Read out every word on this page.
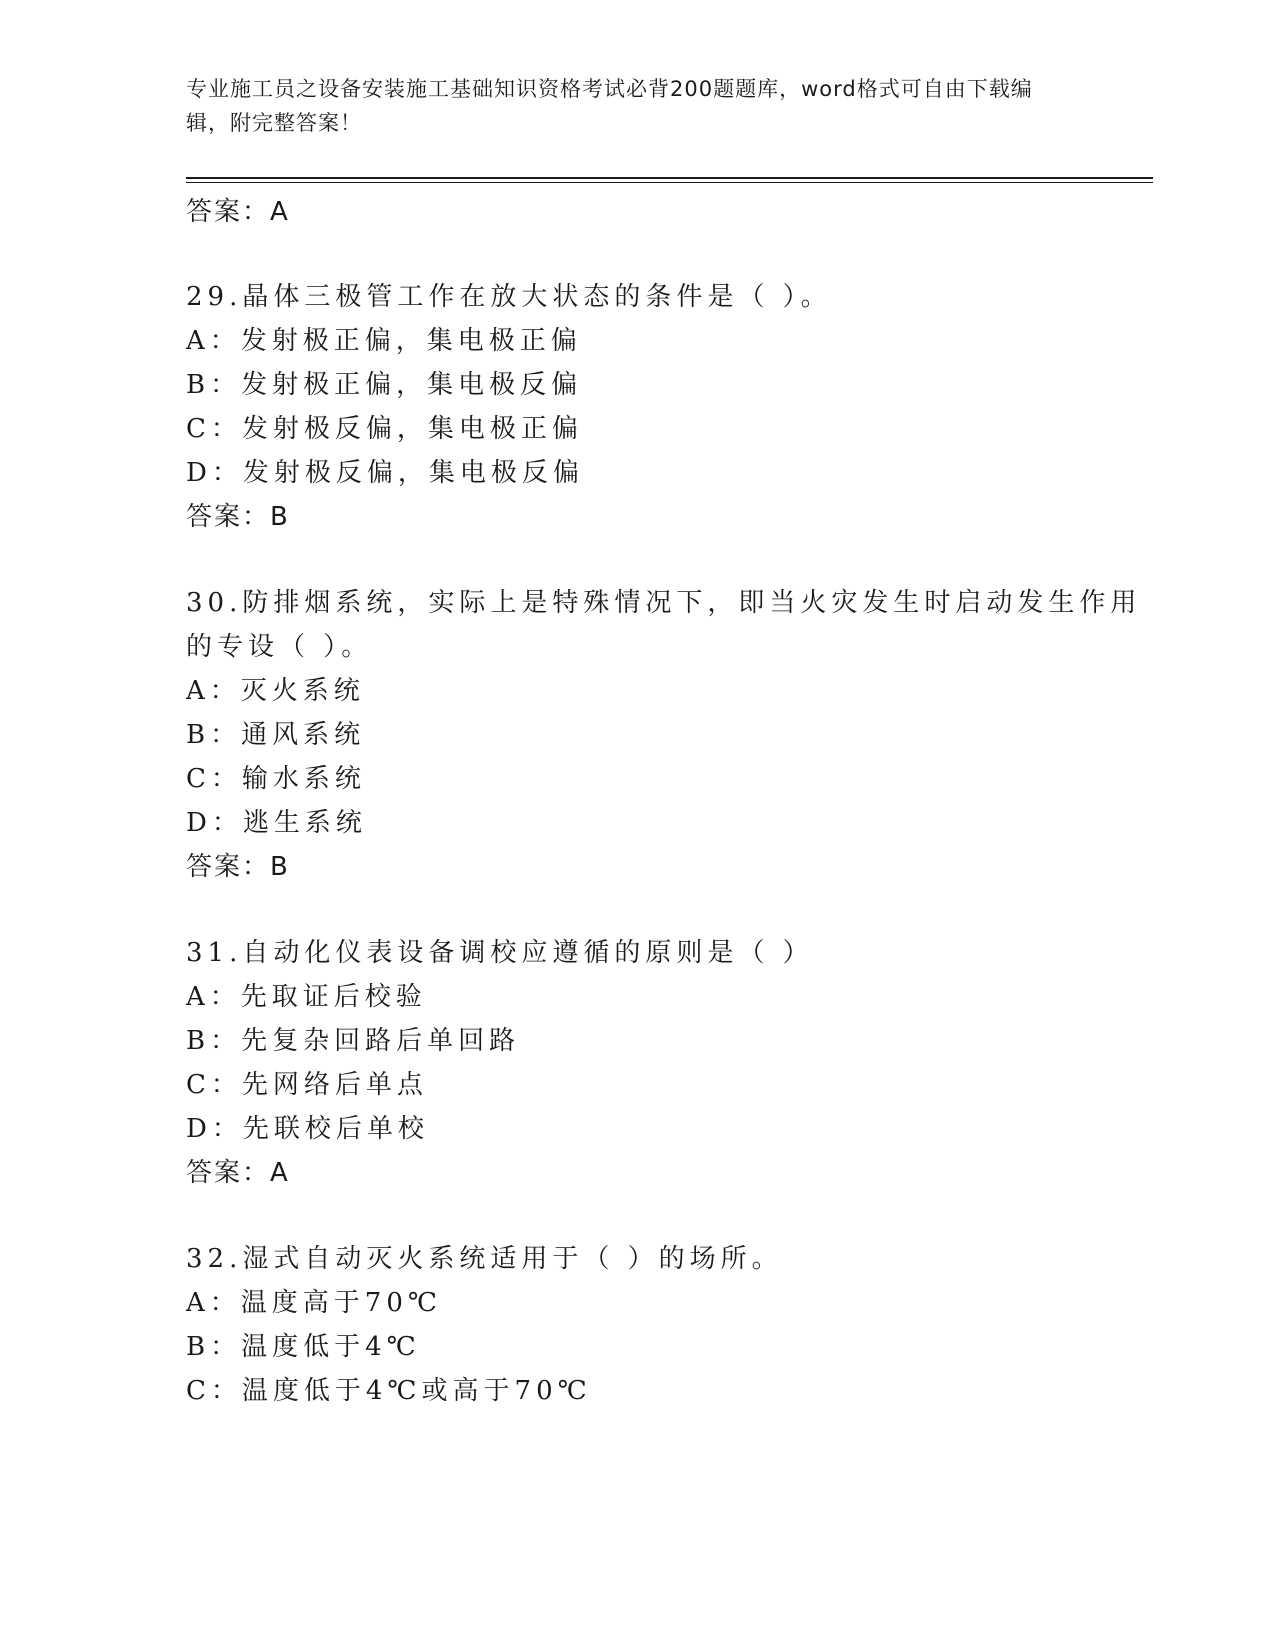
专业施工员之设备安装施工基础知识资格考试必背200题题库，word格式可自由下载编辑，附完整答案！
答案：A
29.晶体三极管工作在放大状态的条件是（ ）。
A：发射极正偏，集电极正偏
B：发射极正偏，集电极反偏
C：发射极反偏，集电极正偏
D：发射极反偏，集电极反偏
答案：B
30.防排烟系统，实际上是特殊情况下，即当火灾发生时启动发生作用
的专设（ ）。
A：灭火系统
B：通风系统
C：输水系统
D：逃生系统
答案：B
31.自动化仪表设备调校应遵循的原则是（ ）
A：先取证后校验
B：先复杂回路后单回路
C：先网络后单点
D：先联校后单校
答案：A
32.湿式自动灭火系统适用于（ ）的场所。
A：温度高于70℃
B：温度低于4℃
C：温度低于4℃或高于70℃
